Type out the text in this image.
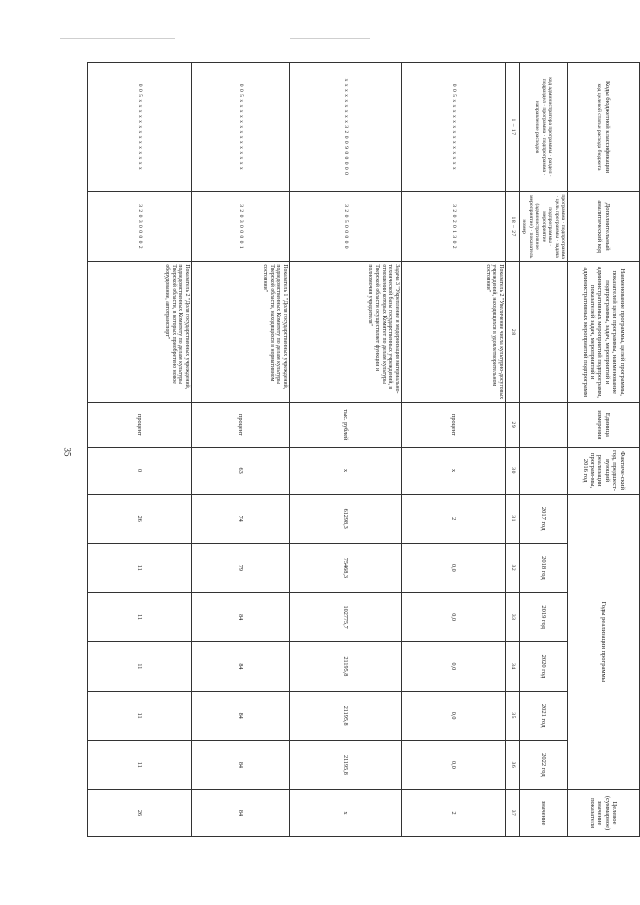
35
Коды бюджетной классификации
код целевой статьи расхода бюджета	Дополнительный аналитический код	Наименование программы, целей программы, показателей цели программы, наименование подпрограммы, задач, мероприятий и административных мероприятий подпрограмм, показателей задач, мероприятий и административных мероприятий подпрограмм	Единица измерения	Фактиче-ский год, предшест-вующий реализации програм-мы, 2016 год	Годы реализации программы						Целевое (суммарное) значение показателя
код администратора программы · раздел · подраздел · программа · подпрограмма · направление расходов	программа · подпрограмма · цель программы · задача подпрограммы · мероприятие (административное мероприятие) · показатель номер				2017 год	2018 год	2019 год	2020 год	2021 год	2022 год	значение
1 – 17	18 – 27	28	29	30	31	32	33	34	35	36	37
0 0 5 x x x x x x x x x x x x x x	3 2 0 2 0 1 3 0 2	Показатель 2 "Увеличение числа культурно-досуговых учреждений, находящихся в удовлетворительном состоянии"	процент	х	2	0,0	0,0	0,0	0,0	0,0	2
x x x x x x x x x 3 2 0 0 9 0 0 0 0 0	3 2 0 5 0 0 0 0 0	Задача 3 "Укрепление и модернизация материально-технической базы государственных учреждений, в отношении которых Комитет по делам культуры Тверской области осуществляет функции и полномочия учредителя"	тыс. рублей	х	61298,3	75468,3	102775,7	21195,8	21195,8	21195,8	х
0 0 5 x x x x x x x x x x x x x x	3 2 0 3 0 0 0 0 1	Показатель 1 "Доля государственных учреждений, подведомственных Комитету по делам культуры Тверской области, находящихся в нормативном состоянии"	процент	63	74	79	84	84	84	84	84
0 0 5 x x x x x x x x x x x x x x	3 2 0 3 0 0 0 0 2	Показатель 2 "Доля государственных учреждений, подведомственных Комитету по делам культуры Тверской области, в которых приобретено новое оборудование, автотранспорт"	процент	0	26	11	11	11	11	11	26
